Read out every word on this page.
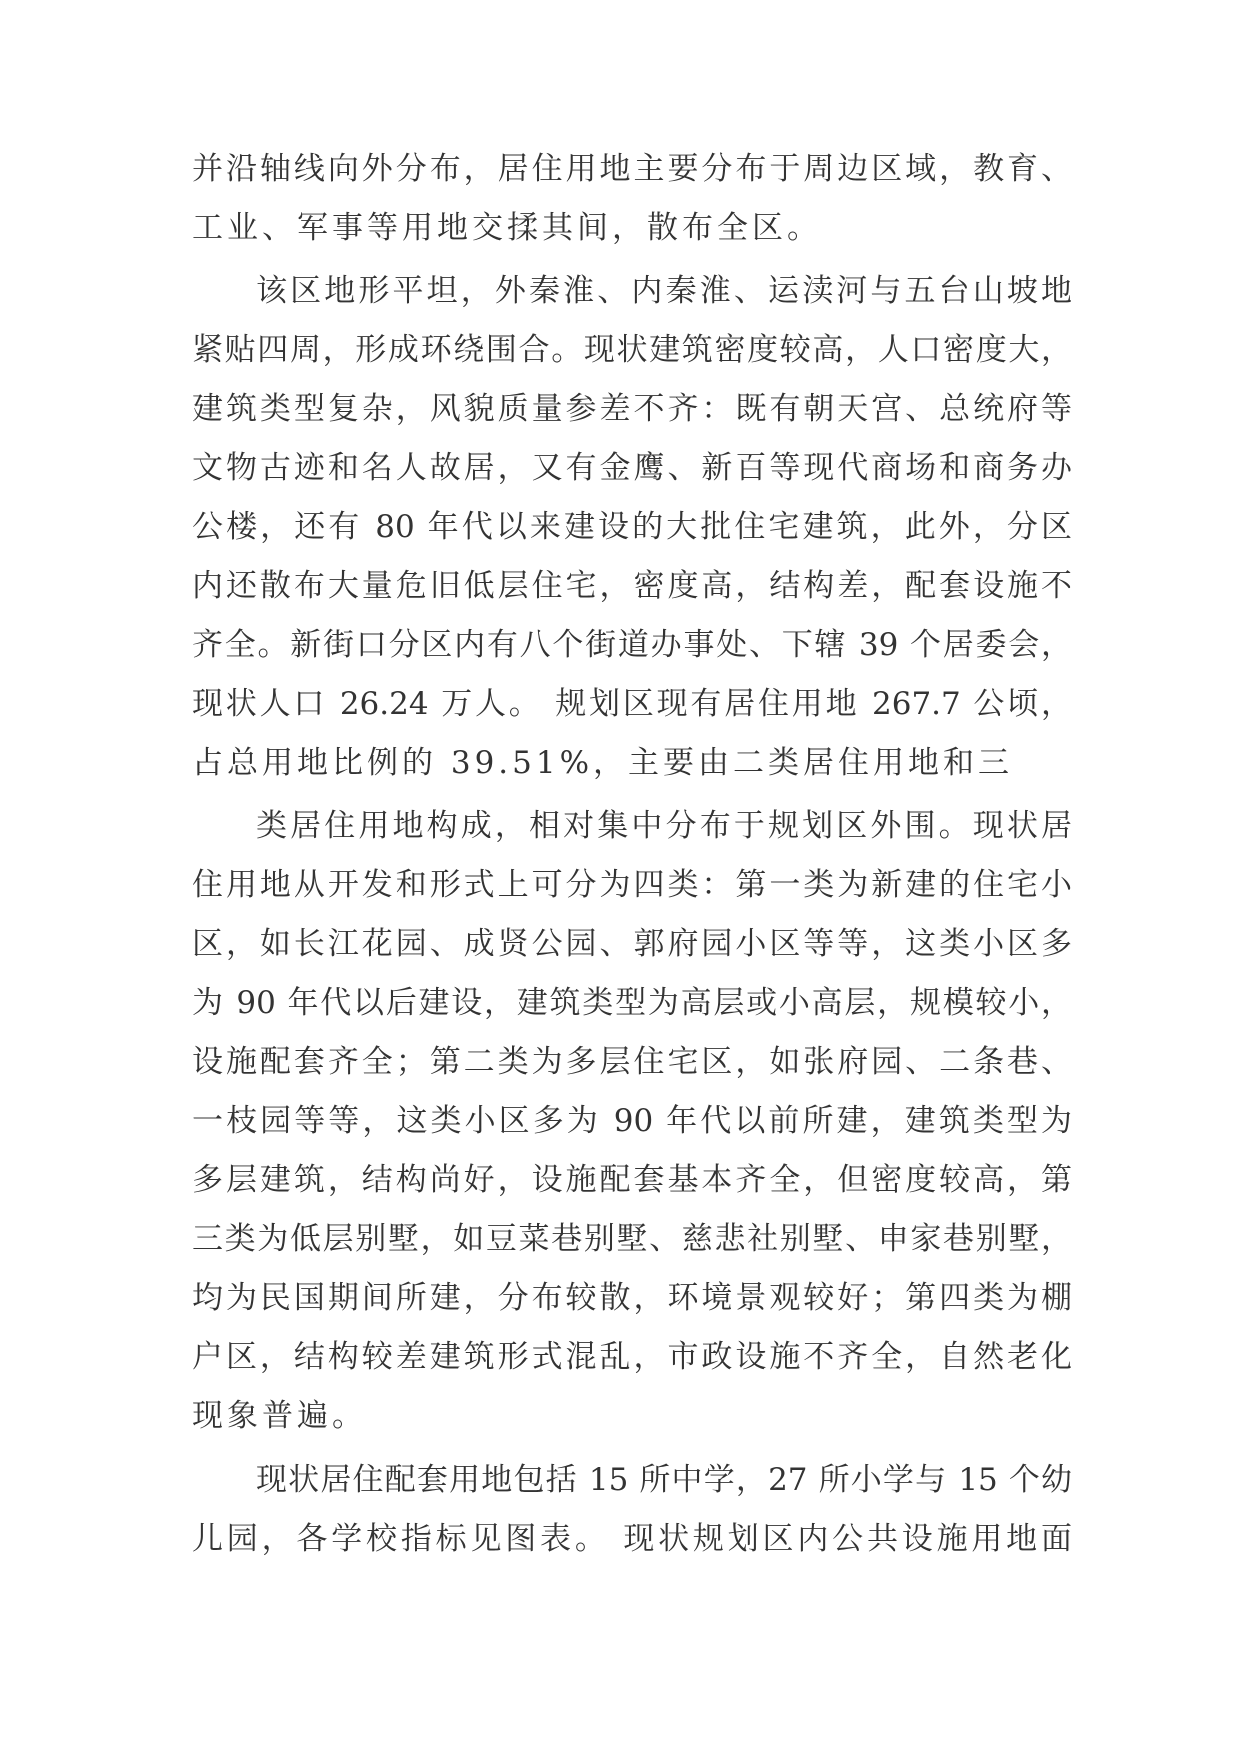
并沿轴线向外分布，居住用地主要分布于周边区域，教育、
工业、军事等用地交揉其间，散布全区。
该区地形平坦，外秦淮、内秦淮、运渎河与五台山坡地
紧贴四周，形成环绕围合。现状建筑密度较高，人口密度大，
建筑类型复杂，风貌质量参差不齐：既有朝天宫、总统府等
文物古迹和名人故居，又有金鹰、新百等现代商场和商务办
公楼，还有 80 年代以来建设的大批住宅建筑，此外，分区
内还散布大量危旧低层住宅，密度高，结构差，配套设施不
齐全。新街口分区内有八个街道办事处、下辖 39 个居委会，
现状人口 26.24 万人。 规划区现有居住用地 267.7 公顷，
占总用地比例的 39.51%，主要由二类居住用地和三
类居住用地构成，相对集中分布于规划区外围。现状居
住用地从开发和形式上可分为四类：第一类为新建的住宅小
区，如长江花园、成贤公园、郭府园小区等等，这类小区多
为 90 年代以后建设，建筑类型为高层或小高层，规模较小，
设施配套齐全；第二类为多层住宅区，如张府园、二条巷、
一枝园等等，这类小区多为 90 年代以前所建，建筑类型为
多层建筑，结构尚好，设施配套基本齐全，但密度较高，第
三类为低层别墅，如豆菜巷别墅、慈悲社别墅、申家巷别墅，
均为民国期间所建，分布较散，环境景观较好；第四类为棚
户区，结构较差建筑形式混乱，市政设施不齐全，自然老化
现象普遍。
现状居住配套用地包括 15 所中学，27 所小学与 15 个幼
儿园，各学校指标见图表。 现状规划区内公共设施用地面
